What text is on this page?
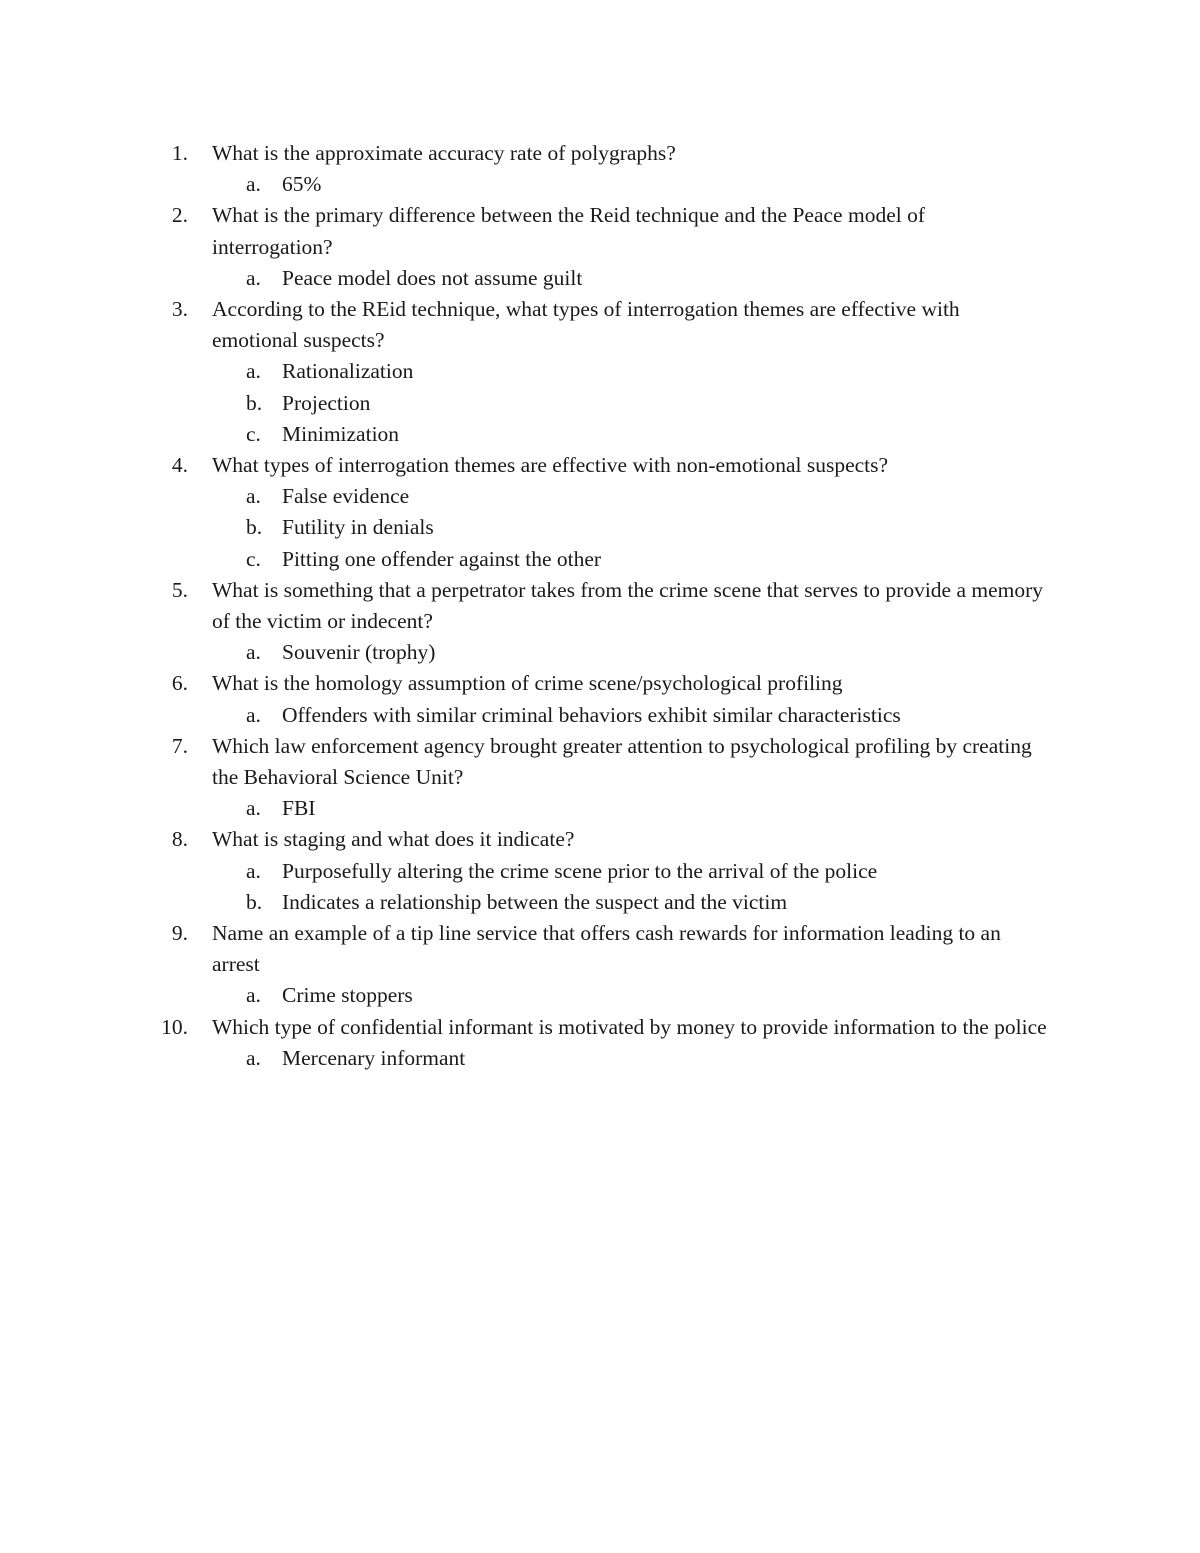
1. What is the approximate accuracy rate of polygraphs?
a. 65%
2. What is the primary difference between the Reid technique and the Peace model of interrogation?
a. Peace model does not assume guilt
3. According to the REid technique, what types of interrogation themes are effective with emotional suspects?
a. Rationalization
b. Projection
c. Minimization
4. What types of interrogation themes are effective with non-emotional suspects?
a. False evidence
b. Futility in denials
c. Pitting one offender against the other
5. What is something that a perpetrator takes from the crime scene that serves to provide a memory of the victim or indecent?
a. Souvenir (trophy)
6. What is the homology assumption of crime scene/psychological profiling
a. Offenders with similar criminal behaviors exhibit similar characteristics
7. Which law enforcement agency brought greater attention to psychological profiling by creating the Behavioral Science Unit?
a. FBI
8. What is staging and what does it indicate?
a. Purposefully altering the crime scene prior to the arrival of the police
b. Indicates a relationship between the suspect and the victim
9. Name an example of a tip line service that offers cash rewards for information leading to an arrest
a. Crime stoppers
10. Which type of confidential informant is motivated by money to provide information to the police
a. Mercenary informant
